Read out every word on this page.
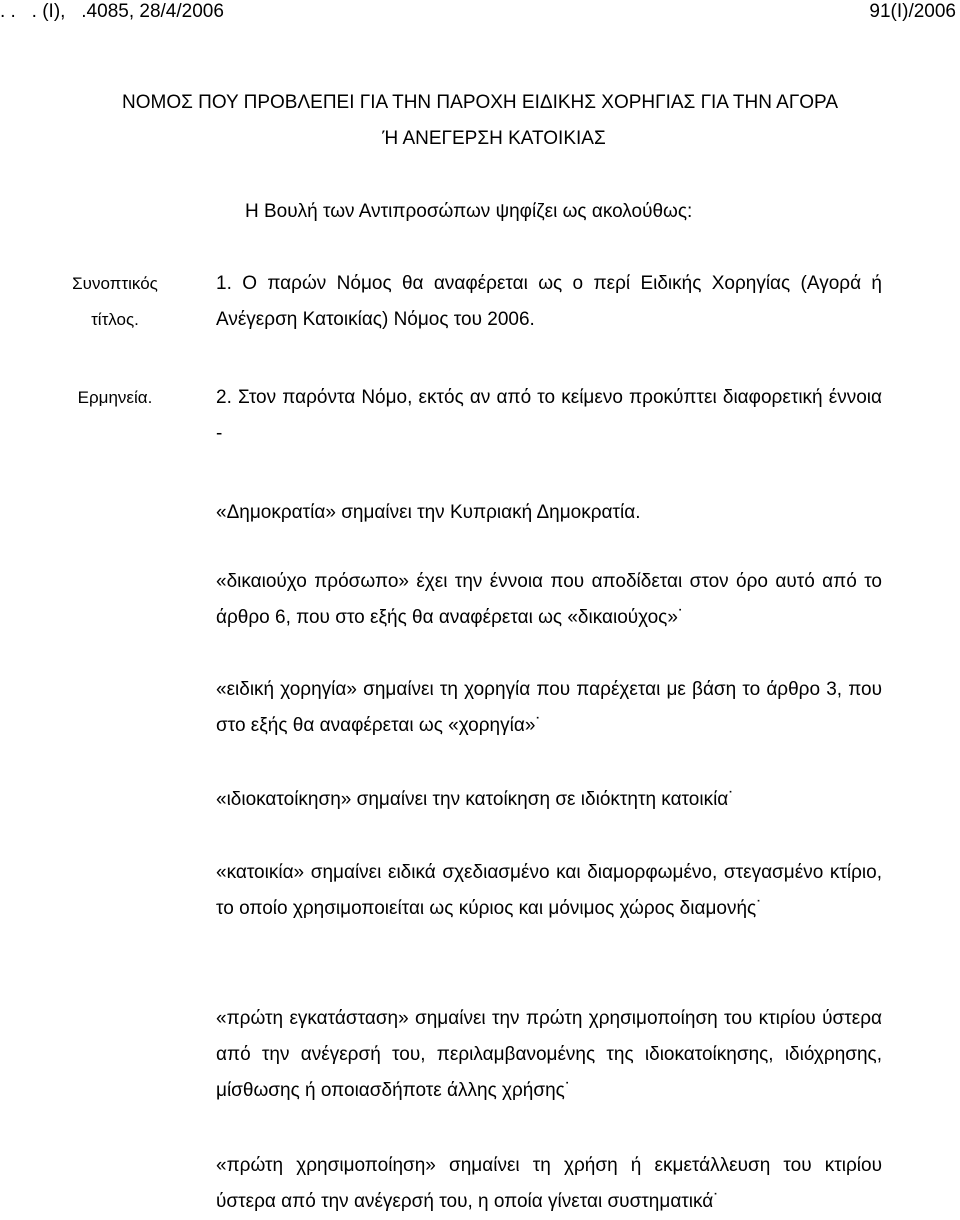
. .   . (Ι),   .4085, 28/4/2006	91(Ι)/2006
ΝΟΜΟΣ ΠΟΥ ΠΡΟΒΛΕΠΕΙ ΓΙΑ ΤΗΝ ΠΑΡΟΧΗ ΕΙΔΙΚΗΣ ΧΟΡΗΓΙΑΣ ΓΙΑ ΤΗΝ ΑΓΟΡΑ
Ή ΑΝΕΓΕΡΣΗ ΚΑΤΟΙΚΙΑΣ
Η Βουλή των Αντιπροσώπων ψηφίζει ως ακολούθως:
Συνοπτικός τίτλος.
Ερμηνεία.
1. Ο παρών Νόμος θα αναφέρεται ως ο περί Ειδικής Χορηγίας (Αγορά ή Ανέγερση Κατοικίας) Νόμος του 2006.
2. Στον παρόντα Νόμο, εκτός αν από το κείμενο προκύπτει διαφορετική έννοια -
«Δημοκρατία» σημαίνει την Κυπριακή Δημοκρατία.
«δικαιούχο πρόσωπο» έχει την έννοια που αποδίδεται στον όρο αυτό από το άρθρο 6, που στο εξής θα αναφέρεται ως «δικαιούχος»˙
«ειδική χορηγία» σημαίνει τη χορηγία που παρέχεται με βάση το άρθρο 3, που στο εξής θα αναφέρεται ως «χορηγία»˙
«ιδιοκατοίκηση» σημαίνει την κατοίκηση σε ιδιόκτητη κατοικία˙
«κατοικία» σημαίνει ειδικά σχεδιασμένο και διαμορφωμένο, στεγασμένο κτίριο, το οποίο χρησιμοποιείται ως κύριος και μόνιμος χώρος διαμονής˙
«πρώτη εγκατάσταση» σημαίνει την πρώτη χρησιμοποίηση του κτιρίου ύστερα από την ανέγερσή του, περιλαμβανομένης της ιδιοκατοίκησης, ιδιόχρησης, μίσθωσης ή οποιασδήποτε άλλης χρήσης˙
«πρώτη χρησιμοποίηση» σημαίνει τη χρήση ή εκμετάλλευση του κτιρίου ύστερα από την ανέγερσή του, η οποία γίνεται συστηματικά˙
